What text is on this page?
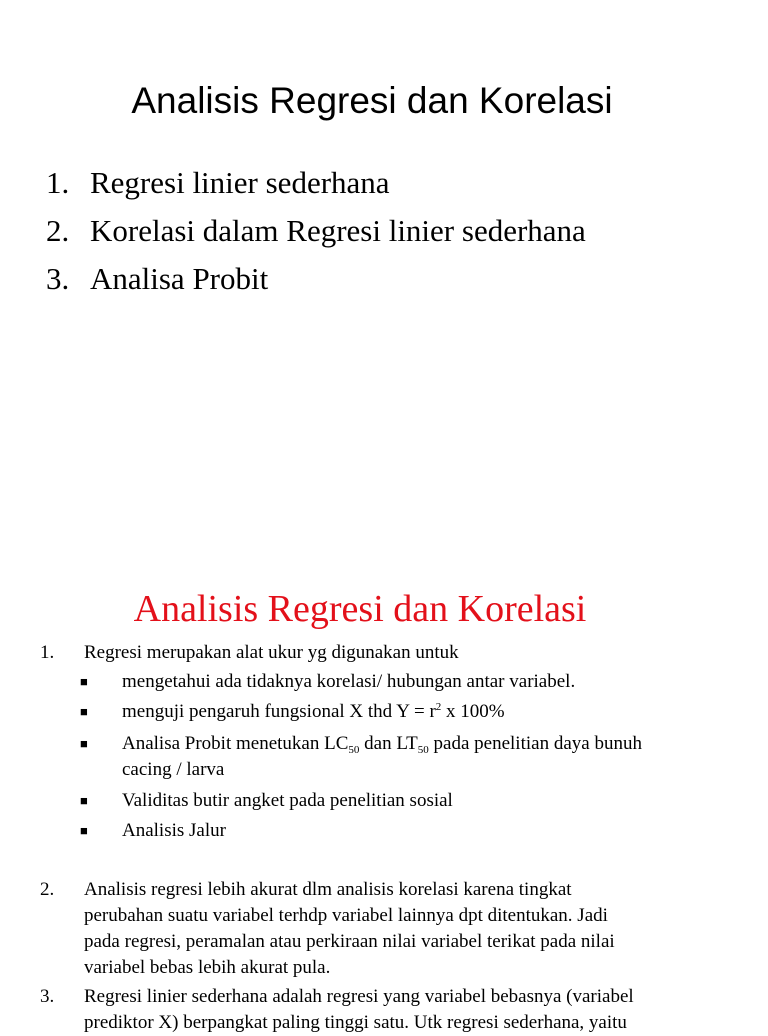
Analisis Regresi dan Korelasi
1. Regresi linier sederhana
2. Korelasi dalam Regresi linier sederhana
3. Analisa Probit
Analisis Regresi dan Korelasi
1. Regresi merupakan alat ukur yg digunakan untuk
■ mengetahui ada tidaknya korelasi/ hubungan antar variabel.
■ menguji pengaruh fungsional X thd $Y = r^2$ x 100%
■ Analisa Probit menetukan $LC_{50}$ dan $LT_{50}$ pada penelitian daya bunuh
cacing / larva
■ Validitas butir angket pada penelitian sosial
■ Analisis Jalur
2. Analisis regresi lebih akurat dlm analisis korelasi karena tingkat
perubahan suatu variabel terhdp variabel lainnya dpt ditentukan. Jadi
pada regresi, peramalan atau perkiraan nilai variabel terikat pada nilai
variabel bebas lebih akurat pula.
3. Regresi linier sederhana adalah regresi yang variabel bebasnya (variabel
prediktor X) berpangkat paling tinggi satu. Utk regresi sederhana, yaitu
